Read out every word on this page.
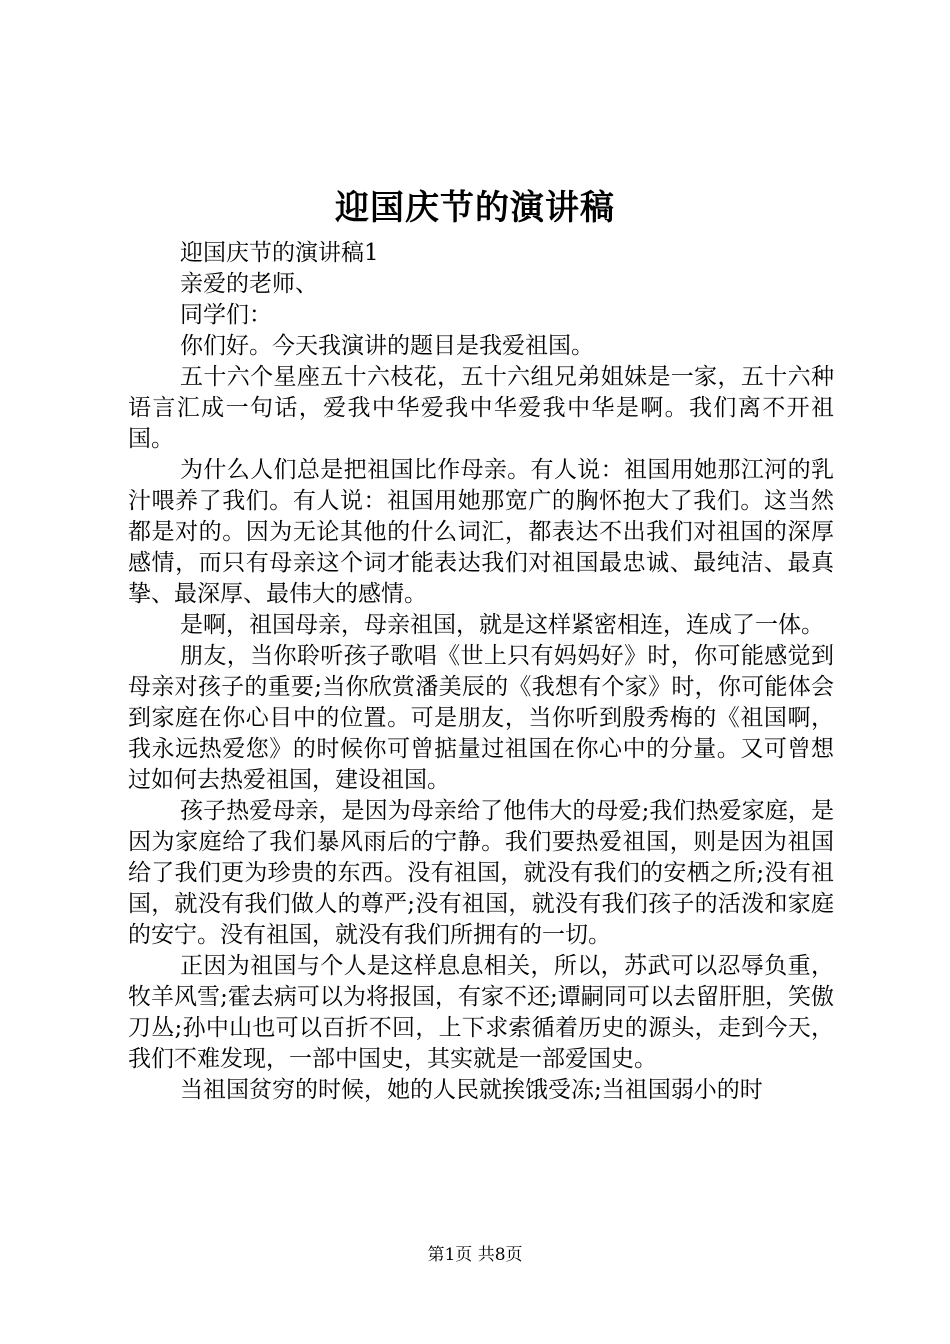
迎国庆节的演讲稿

迎国庆节的演讲稿1

亲爱的老师、

同学们：

你们好。今天我演讲的题目是我爱祖国。

五十六个星座五十六枝花，五十六组兄弟姐妹是一家，五十六种语言汇成一句话，爱我中华爱我中华爱我中华是啊。我们离不开祖国。

为什么人们总是把祖国比作母亲。有人说：祖国用她那江河的乳汁喂养了我们。有人说：祖国用她那宽广的胸怀抱大了我们。这当然都是对的。因为无论其他的什么词汇，都表达不出我们对祖国的深厚感情，而只有母亲这个词才能表达我们对祖国最忠诚、最纯洁、最真挚、最深厚、最伟大的感情。

是啊，祖国母亲，母亲祖国，就是这样紧密相连，连成了一体。

朋友，当你聆听孩子歌唱《世上只有妈妈好》时，你可能感觉到母亲对孩子的重要;当你欣赏潘美辰的《我想有个家》时，你可能体会到家庭在你心目中的位置。可是朋友，当你听到殷秀梅的《祖国啊，我永远热爱您》的时候你可曾掂量过祖国在你心中的分量。又可曾想过如何去热爱祖国，建设祖国。

孩子热爱母亲，是因为母亲给了他伟大的母爱;我们热爱家庭，是因为家庭给了我们暴风雨后的宁静。我们要热爱祖国，则是因为祖国给了我们更为珍贵的东西。没有祖国，就没有我们的安栖之所;没有祖国，就没有我们做人的尊严;没有祖国，就没有我们孩子的活泼和家庭的安宁。没有祖国，就没有我们所拥有的一切。

正因为祖国与个人是这样息息相关，所以，苏武可以忍辱负重，牧羊风雪;霍去病可以为将报国，有家不还;谭嗣同可以去留肝胆，笑傲刀丛;孙中山也可以百折不回，上下求索循着历史的源头，走到今天，我们不难发现，一部中国史，其实就是一部爱国史。

当祖国贫穷的时候，她的人民就挨饿受冻;当祖国弱小的时

第1页 共8页
